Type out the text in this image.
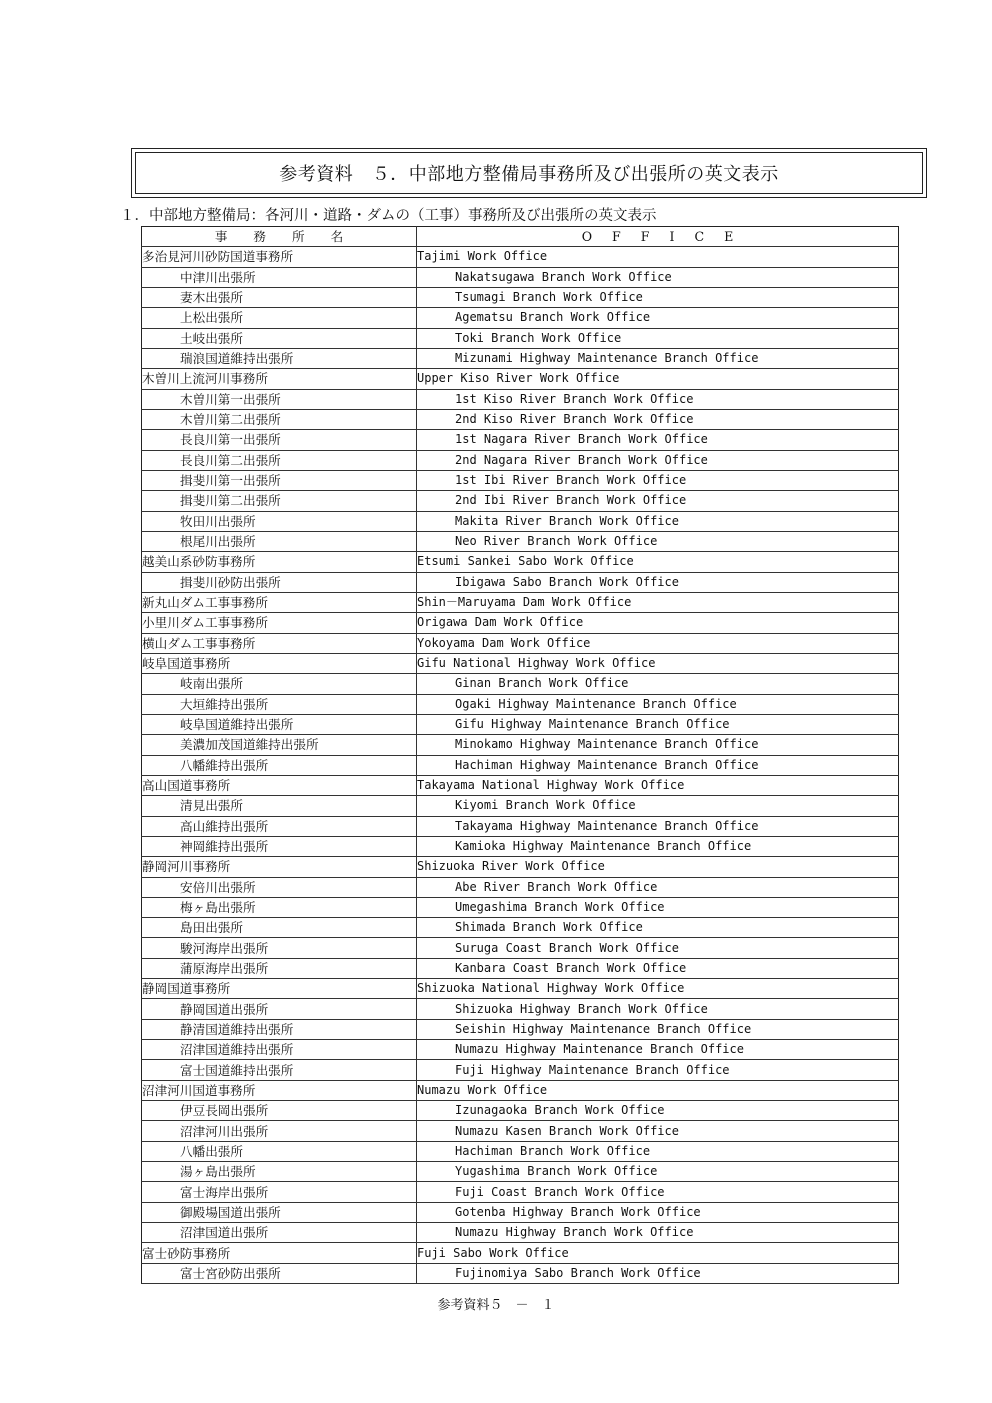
参考資料　５．中部地方整備局事務所及び出張所の英文表示
１．中部地方整備局：各河川・道路・ダムの（工事）事務所及び出張所の英文表示
事務所名	OFFICE
多治見河川砂防国道事務所	Tajimi Work Office
中津川出張所	Nakatsugawa Branch Work Office
妻木出張所	Tsumagi Branch Work Office
上松出張所	Agematsu Branch Work Office
土岐出張所	Toki Branch Work Office
瑞浪国道維持出張所	Mizunami Highway Maintenance Branch Office
木曽川上流河川事務所	Upper Kiso River Work Office
木曽川第一出張所	1st Kiso River Branch Work Office
木曽川第二出張所	2nd Kiso River Branch Work Office
長良川第一出張所	1st Nagara River Branch Work Office
長良川第二出張所	2nd Nagara River Branch Work Office
揖斐川第一出張所	1st Ibi River Branch Work Office
揖斐川第二出張所	2nd Ibi River Branch Work Office
牧田川出張所	Makita River Branch Work Office
根尾川出張所	Neo River Branch Work Office
越美山系砂防事務所	Etsumi Sankei Sabo Work Office
揖斐川砂防出張所	Ibigawa Sabo Branch Work Office
新丸山ダム工事事務所	Shin－Maruyama Dam Work Office
小里川ダム工事事務所	Origawa Dam Work Office
横山ダム工事事務所	Yokoyama Dam Work Office
岐阜国道事務所	Gifu National Highway Work Office
岐南出張所	Ginan Branch Work Office
大垣維持出張所	Ogaki Highway Maintenance Branch Office
岐阜国道維持出張所	Gifu Highway Maintenance Branch Office
美濃加茂国道維持出張所	Minokamo Highway Maintenance Branch Office
八幡維持出張所	Hachiman Highway Maintenance Branch Office
高山国道事務所	Takayama National Highway Work Office
清見出張所	Kiyomi Branch Work Office
高山維持出張所	Takayama Highway Maintenance Branch Office
神岡維持出張所	Kamioka Highway Maintenance Branch Office
静岡河川事務所	Shizuoka River Work Office
安倍川出張所	Abe River Branch Work Office
梅ヶ島出張所	Umegashima Branch Work Office
島田出張所	Shimada Branch Work Office
駿河海岸出張所	Suruga Coast Branch Work Office
蒲原海岸出張所	Kanbara Coast Branch Work Office
静岡国道事務所	Shizuoka National Highway Work Office
静岡国道出張所	Shizuoka Highway Branch Work Office
静清国道維持出張所	Seishin Highway Maintenance Branch Office
沼津国道維持出張所	Numazu Highway Maintenance Branch Office
富士国道維持出張所	Fuji Highway Maintenance Branch Office
沼津河川国道事務所	Numazu Work Office
伊豆長岡出張所	Izunagaoka Branch Work Office
沼津河川出張所	Numazu Kasen Branch Work Office
八幡出張所	Hachiman Branch Work Office
湯ヶ島出張所	Yugashima Branch Work Office
富士海岸出張所	Fuji Coast Branch Work Office
御殿場国道出張所	Gotenba Highway Branch Work Office
沼津国道出張所	Numazu Highway Branch Work Office
富士砂防事務所	Fuji Sabo Work Office
富士宮砂防出張所	Fujinomiya Sabo Branch Work Office
参考資料５　－　１
